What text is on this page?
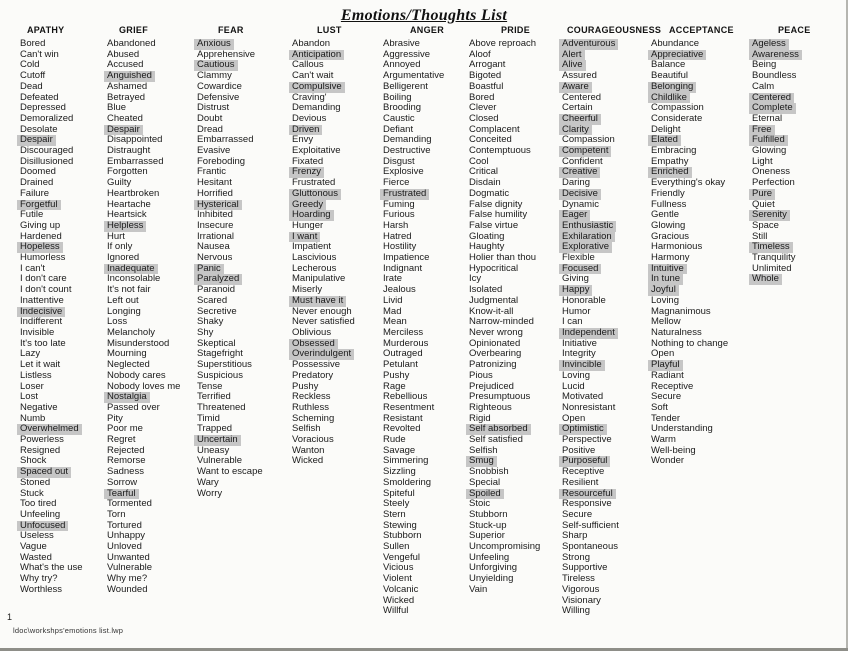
Emotions/Thoughts List
APATHY
Bored
Can't win
Cold
Cutoff
Dead
Defeated
Depressed
Demoralized
Desolate
Despair
Discouraged
Disillusioned
Doomed
Drained
Failure
Forgetful
Futile
Giving up
Hardened
Hopeless
Humorless
I can't
I don't care
I don't count
Inattentive
Indecisive
Indifferent
Invisible
It's too late
Lazy
Let it wait
Listless
Loser
Lost
Negative
Numb
Overwhelmed
Powerless
Resigned
Shock
Spaced out
Stoned
Stuck
Too tired
Unfeeling
Unfocused
Useless
Vague
Wasted
What's the use
Why try?
Worthless
GRIEF
Abandoned
Abused
Accused
Anguished
Ashamed
Betrayed
Blue
Cheated
Despair
Disappointed
Distraught
Embarrassed
Forgotten
Guilty
Heartbroken
Heartache
Heartsick
Helpless
Hurt
If only
Ignored
Inadequate
Inconsolable
It's not fair
Left out
Longing
Loss
Melancholy
Misunderstood
Mourning
Neglected
Nobody cares
Nobody loves me
Nostalgia
Passed over
Pity
Poor me
Regret
Rejected
Remorse
Sadness
Sorrow
Tearful
Tormented
Torn
Tortured
Unhappy
Unloved
Unwanted
Vulnerable
Why me?
Wounded
FEAR
Anxious
Apprehensive
Cautious
Clammy
Cowardice
Defensive
Distrust
Doubt
Dread
Embarrassed
Evasive
Foreboding
Frantic
Hesitant
Horrified
Hysterical
Inhibited
Insecure
Irrational
Nausea
Nervous
Panic
Paralyzed
Paranoid
Scared
Secretive
Shaky
Shy
Skeptical
Stagefright
Superstitious
Suspicious
Tense
Terrified
Threatened
Timid
Trapped
Uncertain
Uneasy
Vulnerable
Want to escape
Wary
Worry
LUST
Abandon
Anticipation
Callous
Can't wait
Compulsive
Craving'
Demanding
Devious
Driven
Envy
Exploitative
Fixated
Frenzy
Frustrated
Gluttonous
Greedy
Hoarding
Hunger
I want
Impatient
Lascivious
Lecherous
Manipulative
Miserly
Must have it
Never enough
Never satisfied
Oblivious
Obsessed
Overindulgent
Possessive
Predatory
Pushy
Reckless
Ruthless
Scheming
Selfish
Voracious
Wanton
Wicked
ANGER
Abrasive
Aggressive
Annoyed
Argumentative
Belligerent
Boiling
Brooding
Caustic
Defiant
Demanding
Destructive
Disgust
Explosive
Fierce
Frustrated
Fuming
Furious
Harsh
Hatred
Hostility
Impatience
Indignant
Irate
Jealous
Livid
Mad
Mean
Merciless
Murderous
Outraged
Petulant
Pushy
Rage
Rebellious
Resentment
Resistant
Revolted
Rude
Savage
Simmering
Sizzling
Smoldering
Spiteful
Steely
Stern
Stewing
Stubborn
Sullen
Vengeful
Vicious
Violent
Volcanic
Wicked
Willful
PRIDE
Above reproach
Aloof
Arrogant
Bigoted
Boastful
Bored
Clever
Closed
Complacent
Conceited
Contemptuous
Cool
Critical
Disdain
Dogmatic
False dignity
False humility
False virtue
Gloating
Haughty
Holier than thou
Hypocritical
Icy
Isolated
Judgmental
Know-it-all
Narrow-minded
Never wrong
Opinionated
Overbearing
Patronizing
Pious
Prejudiced
Presumptuous
Righteous
Rigid
Self absorbed
Self satisfied
Selfish
Smug
Snobbish
Special
Spoiled
Stoic
Stubborn
Stuck-up
Superior
Uncompromising
Unfeeling
Unforgiving
Unyielding
Vain
COURAGEOUSNESS
Adventurous
Alert
Alive
Assured
Aware
Centered
Certain
Cheerful
Clarity
Compassion
Competent
Confident
Creative
Daring
Decisive
Dynamic
Eager
Enthusiastic
Exhilaration
Explorative
Flexible
Focused
Giving
Happy
Honorable
Humor
I can
Independent
Initiative
Integrity
Invincible
Loving
Lucid
Motivated
Nonresistant
Open
Optimistic
Perspective
Positive
Purposeful
Receptive
Resilient
Resourceful
Responsive
Secure
Self-sufficient
Sharp
Spontaneous
Strong
Supportive
Tireless
Vigorous
Visionary
Willing
ACCEPTANCE
Abundance
Appreciative
Balance
Beautiful
Belonging
Childlike
Compassion
Considerate
Delight
Elated
Embracing
Empathy
Enriched
Everything's okay
Friendly
Fullness
Gentle
Glowing
Gracious
Harmonious
Harmony
Intuitive
In tune
Joyful
Loving
Magnanimous
Mellow
Naturalness
Nothing to change
Open
Playful
Radiant
Receptive
Secure
Soft
Tender
Understanding
Warm
Well-being
Wonder
PEACE
Ageless
Awareness
Being
Boundless
Calm
Centered
Complete
Eternal
Free
Fulfilled
Glowing
Light
Oneness
Perfection
Pure
Quiet
Serenity
Space
Still
Timeless
Tranquility
Unlimited
Whole
1
ldoc\workshps'emotions list.lwp
